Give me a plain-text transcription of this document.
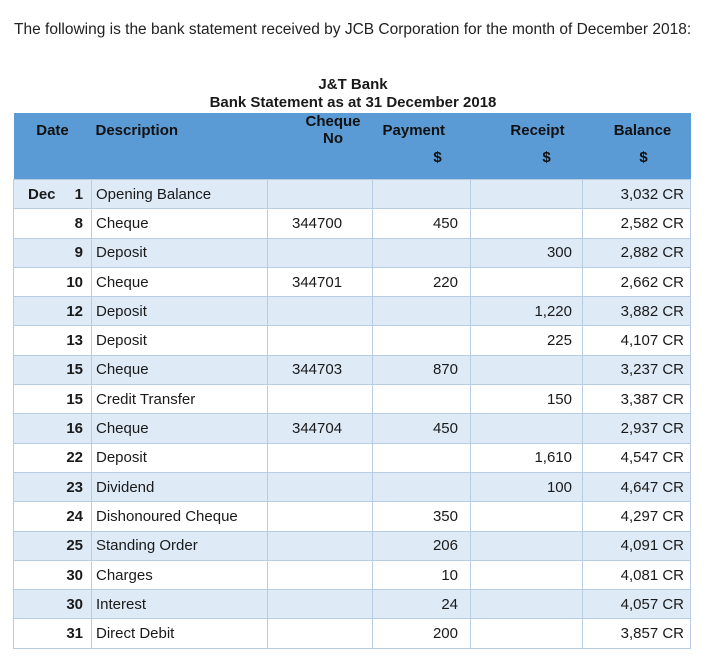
The following is the bank statement received by JCB Corporation for the month of December 2018:
J&T Bank
Bank Statement as at 31 December 2018
Date	Description	Cheque No	Payment	Receipt	Balance
			$	$	$

Dec 1	Opening Balance				3,032 CR
8	Cheque	344700	450		2,582 CR
9	Deposit			300	2,882 CR
10	Cheque	344701	220		2,662 CR
12	Deposit			1,220	3,882 CR
13	Deposit			225	4,107 CR
15	Cheque	344703	870		3,237 CR
15	Credit Transfer			150	3,387 CR
16	Cheque	344704	450		2,937 CR
22	Deposit			1,610	4,547 CR
23	Dividend			100	4,647 CR
24	Dishonoured Cheque		350		4,297 CR
25	Standing Order		206		4,091 CR
30	Charges		10		4,081 CR
30	Interest		24		4,057 CR
31	Direct Debit		200		3,857 CR
